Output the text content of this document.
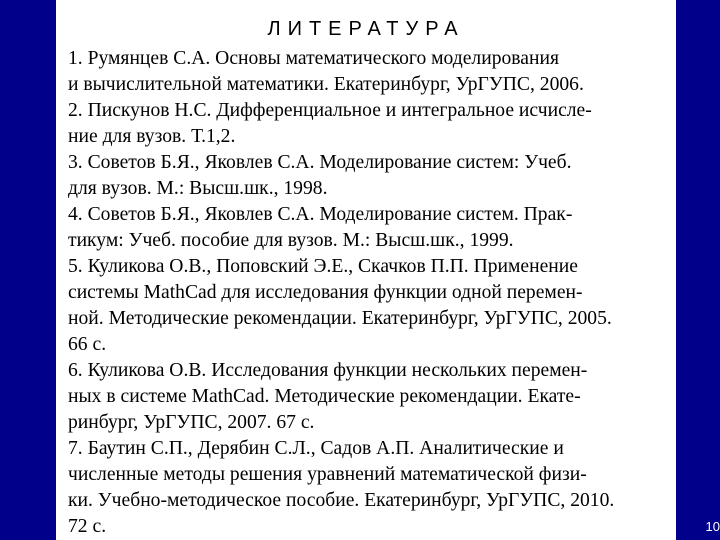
ЛИТЕРАТУРА
1. Румянцев С.А. Основы математического моделирования
и вычислительной математики. Екатеринбург, УрГУПС, 2006.
2. Пискунов Н.С. Дифференциальное и интегральное исчисле-
ние для вузов. Т.1,2.
3. Советов Б.Я., Яковлев С.А. Моделирование систем: Учеб.
для вузов. М.: Высш.шк., 1998.
4. Советов Б.Я., Яковлев С.А. Моделирование систем. Прак-
тикум: Учеб. пособие для вузов. М.: Высш.шк., 1999.
5. Куликова О.В., Поповский Э.Е., Скачков П.П. Применение
системы MathCad для исследования функции одной перемен-
ной. Методические рекомендации. Екатеринбург, УрГУПС, 2005.
66 с.
6. Куликова О.В. Исследования функции нескольких перемен-
ных в системе MathCad. Методические рекомендации. Екате-
ринбург, УрГУПС, 2007. 67 с.
7. Баутин С.П., Дерябин С.Л., Садов А.П. Аналитические и
численные методы решения уравнений математической физи-
ки. Учебно-методическое пособие. Екатеринбург, УрГУПС, 2010.
72 с.	10
